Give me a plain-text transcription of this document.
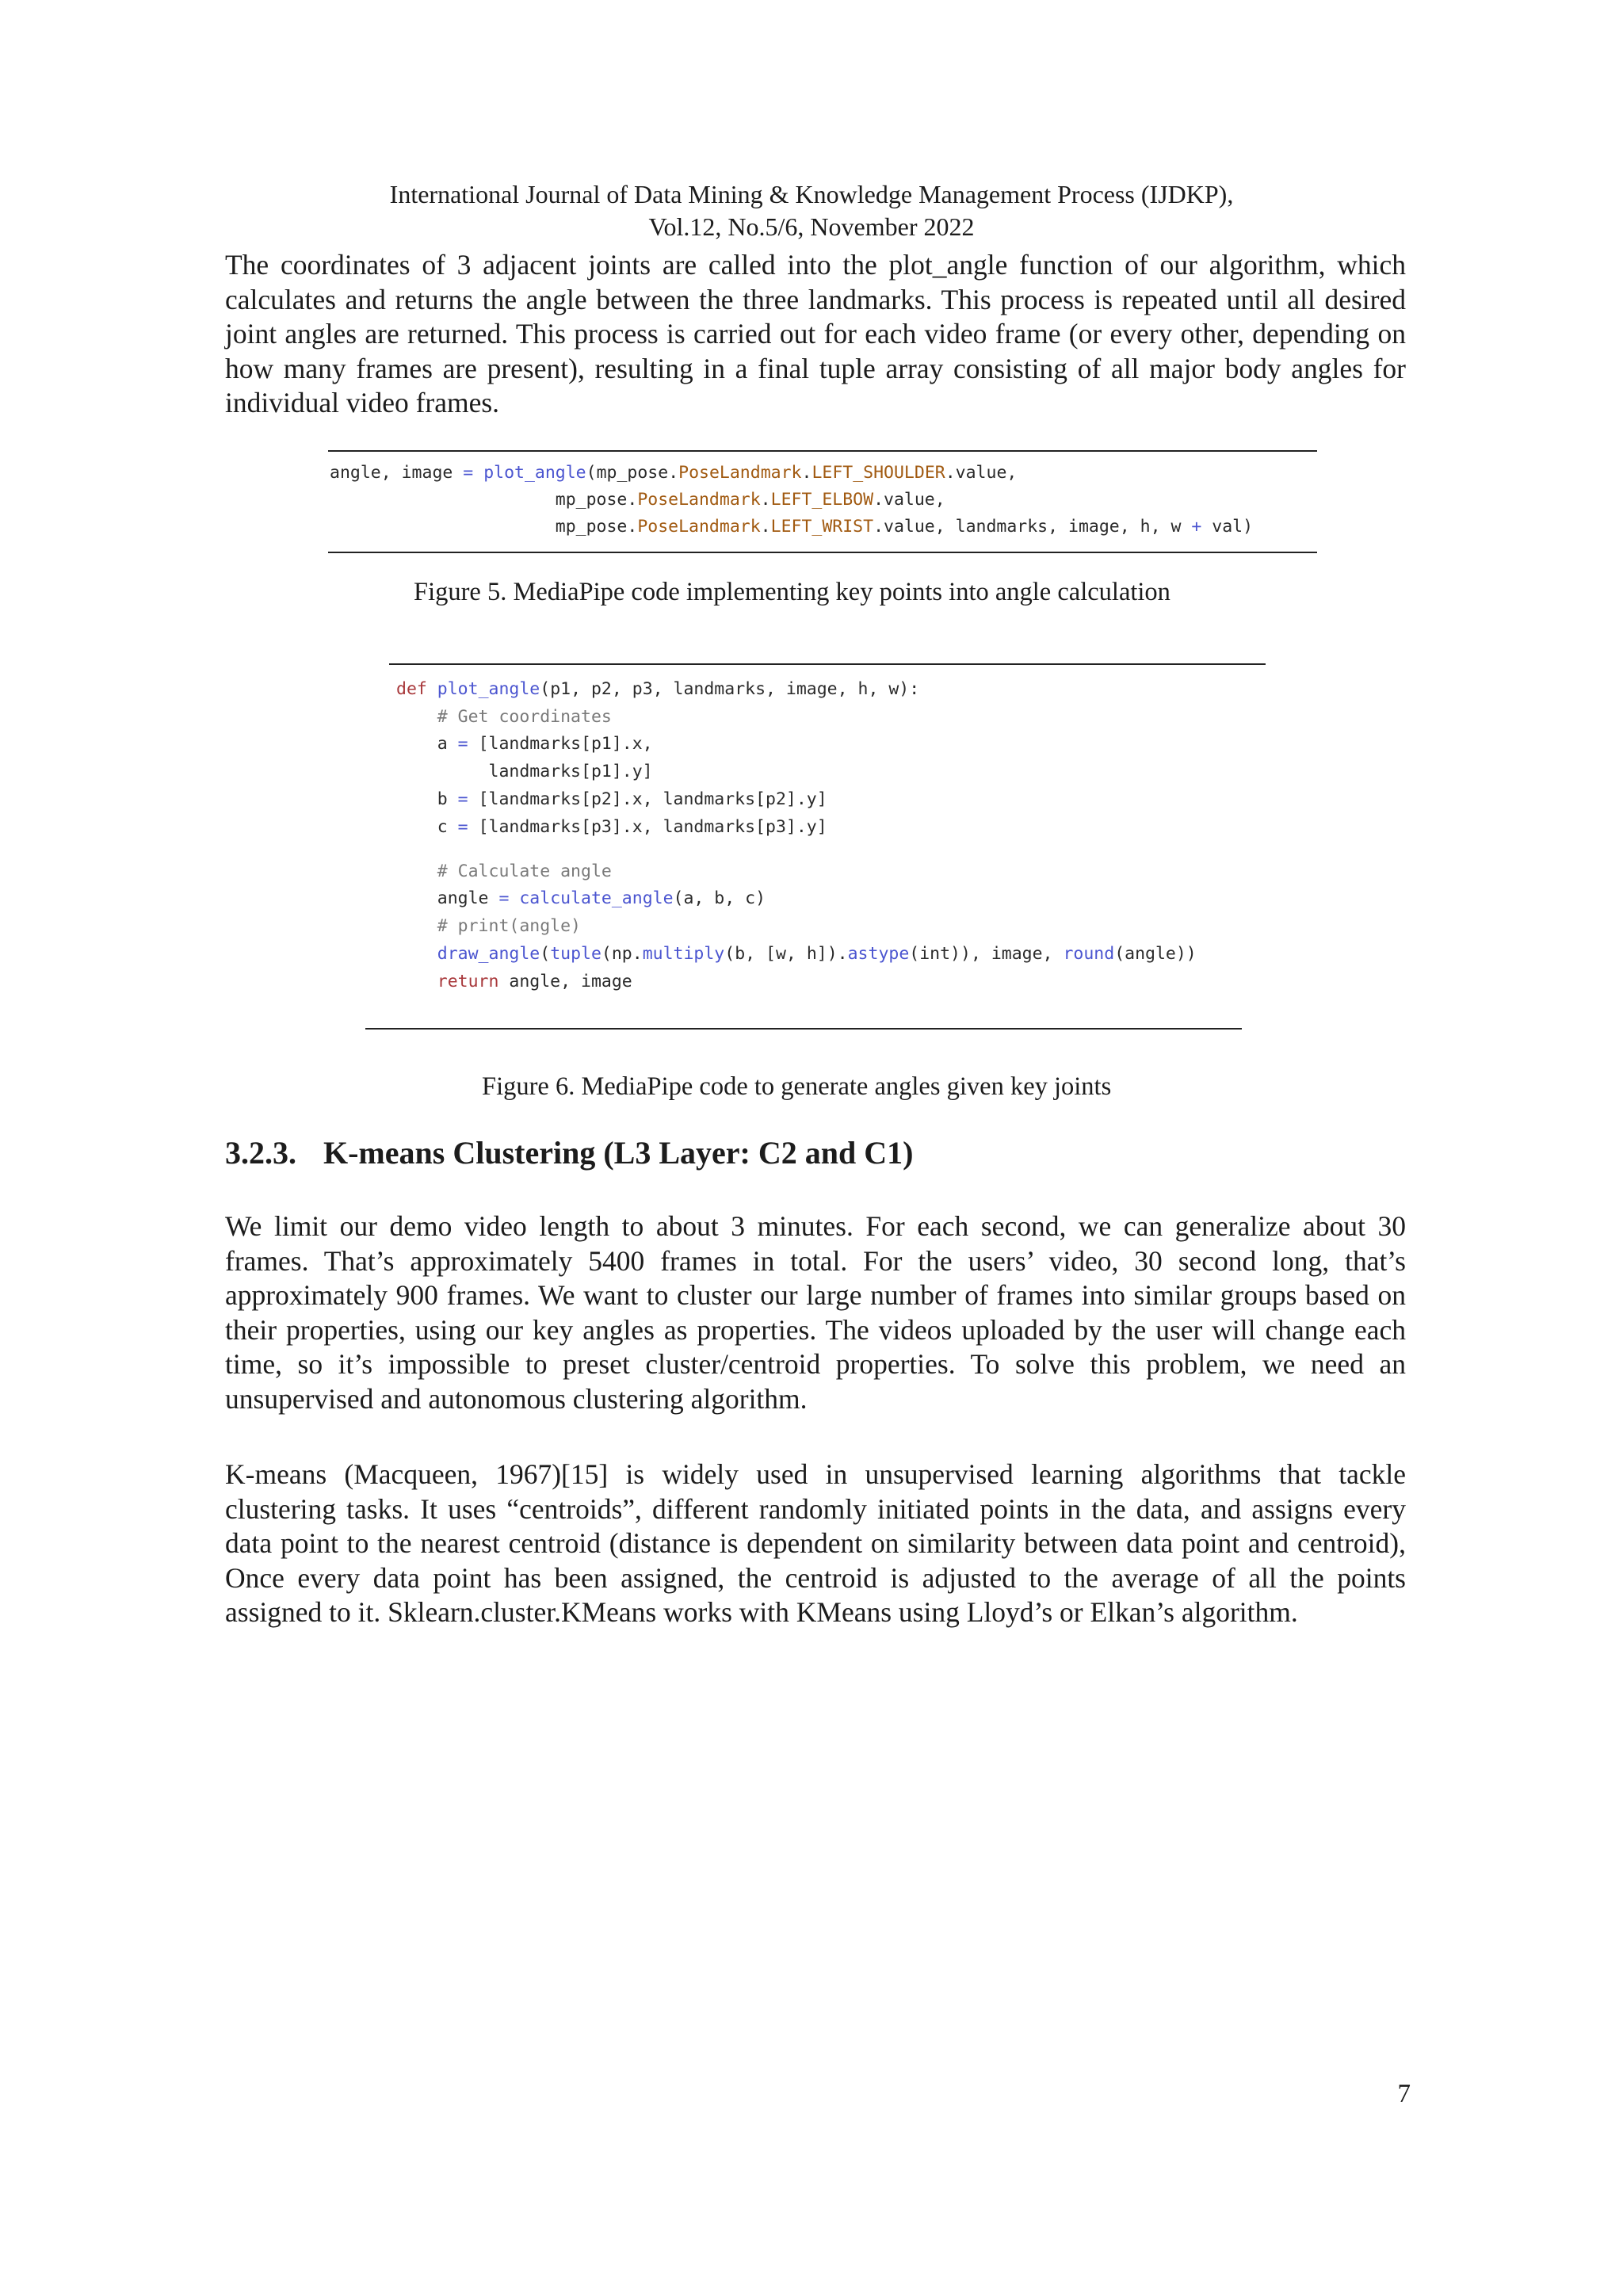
International Journal of Data Mining & Knowledge Management Process (IJDKP),
Vol.12, No.5/6, November 2022

The coordinates of 3 adjacent joints are called into the plot_angle function of our algorithm, which calculates and returns the angle between the three landmarks. This process is repeated until all desired joint angles are returned. This process is carried out for each video frame (or every other, depending on how many frames are present), resulting in a final tuple array consisting of all major body angles for individual video frames.

angle, image = plot_angle(mp_pose.PoseLandmark.LEFT_SHOULDER.value,
mp_pose.PoseLandmark.LEFT_ELBOW.value,
mp_pose.PoseLandmark.LEFT_WRIST.value, landmarks, image, h, w + val)
Figure 5. MediaPipe code implementing key points into angle calculation
def plot_angle(p1, p2, p3, landmarks, image, h, w):
# Get coordinates
a = [landmarks[p1].x,
landmarks[p1].y]
b = [landmarks[p2].x, landmarks[p2].y]
c = [landmarks[p3].x, landmarks[p3].y]
# Calculate angle
angle = calculate_angle(a, b, c)
# print(angle)
draw_angle(tuple(np.multiply(b, [w, h]).astype(int)), image, round(angle))
return angle, image
Figure 6. MediaPipe code to generate angles given key joints
3.2.3. K-means Clustering (L3 Layer: C2 and C1)

We limit our demo video length to about 3 minutes. For each second, we can generalize about 30 frames. That’s approximately 5400 frames in total. For the users’ video, 30 second long, that’s approximately 900 frames. We want to cluster our large number of frames into similar groups based on their properties, using our key angles as properties. The videos uploaded by the user will change each time, so it’s impossible to preset cluster/centroid properties. To solve this problem, we need an unsupervised and autonomous clustering algorithm.

K-means (Macqueen, 1967)[15] is widely used in unsupervised learning algorithms that tackle clustering tasks. It uses “centroids”, different randomly initiated points in the data, and assigns every data point to the nearest centroid (distance is dependent on similarity between data point and centroid), Once every data point has been assigned, the centroid is adjusted to the average of all the points assigned to it. Sklearn.cluster.KMeans works with KMeans using Lloyd’s or Elkan’s algorithm.

7
